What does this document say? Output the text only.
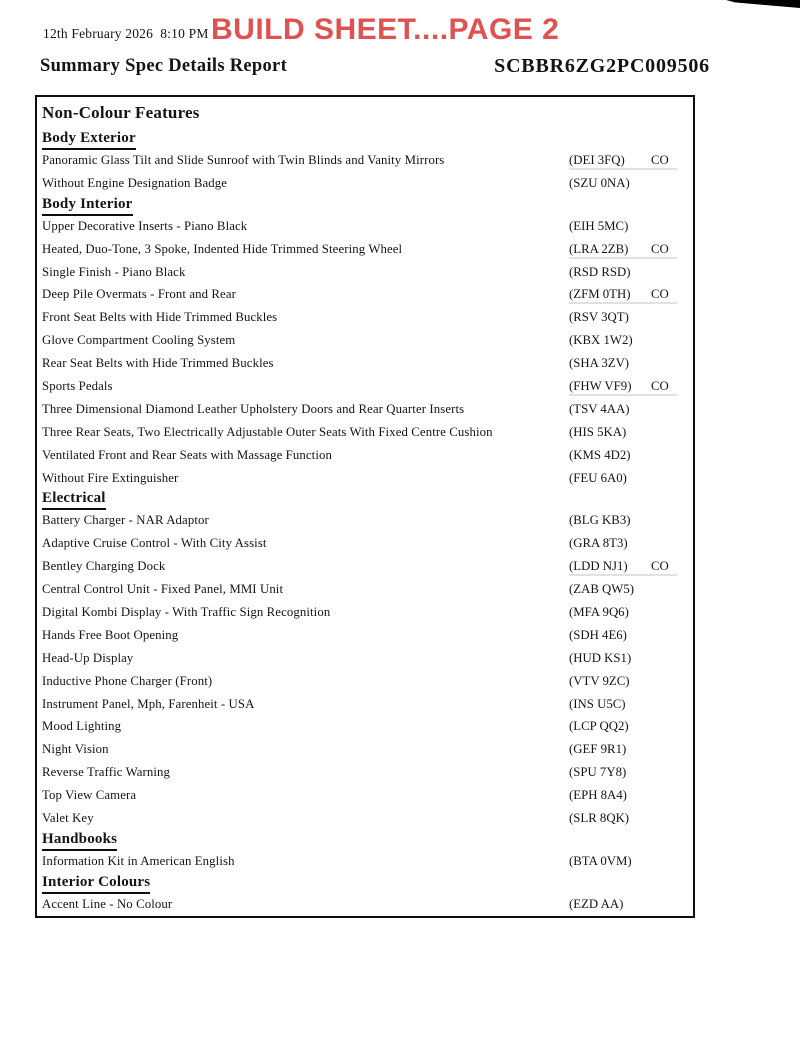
12th February 2026  8:10 PM BUILD SHEET....PAGE 2
Summary Spec Details Report	SCBBR6ZG2PC009506
Non-Colour Features
Body Exterior
Panoramic Glass Tilt and Slide Sunroof with Twin Blinds and Vanity Mirrors	(DEI 3FQ)	CO
Without Engine Designation Badge	(SZU 0NA)
Body Interior
Upper Decorative Inserts - Piano Black	(EIH 5MC)
Heated, Duo-Tone, 3 Spoke, Indented Hide Trimmed Steering Wheel	(LRA 2ZB)	CO
Single Finish - Piano Black	(RSD RSD)
Deep Pile Overmats - Front and Rear	(ZFM 0TH)	CO
Front Seat Belts with Hide Trimmed Buckles	(RSV 3QT)
Glove Compartment Cooling System	(KBX 1W2)
Rear Seat Belts with Hide Trimmed Buckles	(SHA 3ZV)
Sports Pedals	(FHW VF9)	CO
Three Dimensional Diamond Leather Upholstery Doors and Rear Quarter Inserts	(TSV 4AA)
Three Rear Seats, Two Electrically Adjustable Outer Seats With Fixed Centre Cushion	(HIS 5KA)
Ventilated Front and Rear Seats with Massage Function	(KMS 4D2)
Without Fire Extinguisher	(FEU 6A0)
Electrical
Battery Charger - NAR Adaptor	(BLG KB3)
Adaptive Cruise Control - With City Assist	(GRA 8T3)
Bentley Charging Dock	(LDD NJ1)	CO
Central Control Unit - Fixed Panel, MMI Unit	(ZAB QW5)
Digital Kombi Display - With Traffic Sign Recognition	(MFA 9Q6)
Hands Free Boot Opening	(SDH 4E6)
Head-Up Display	(HUD KS1)
Inductive Phone Charger (Front)	(VTV 9ZC)
Instrument Panel, Mph, Farenheit - USA	(INS U5C)
Mood Lighting	(LCP QQ2)
Night Vision	(GEF 9R1)
Reverse Traffic Warning	(SPU 7Y8)
Top View Camera	(EPH 8A4)
Valet Key	(SLR 8QK)
Handbooks
Information Kit in American English	(BTA 0VM)
Interior Colours
Accent Line - No Colour	(EZD AA)
